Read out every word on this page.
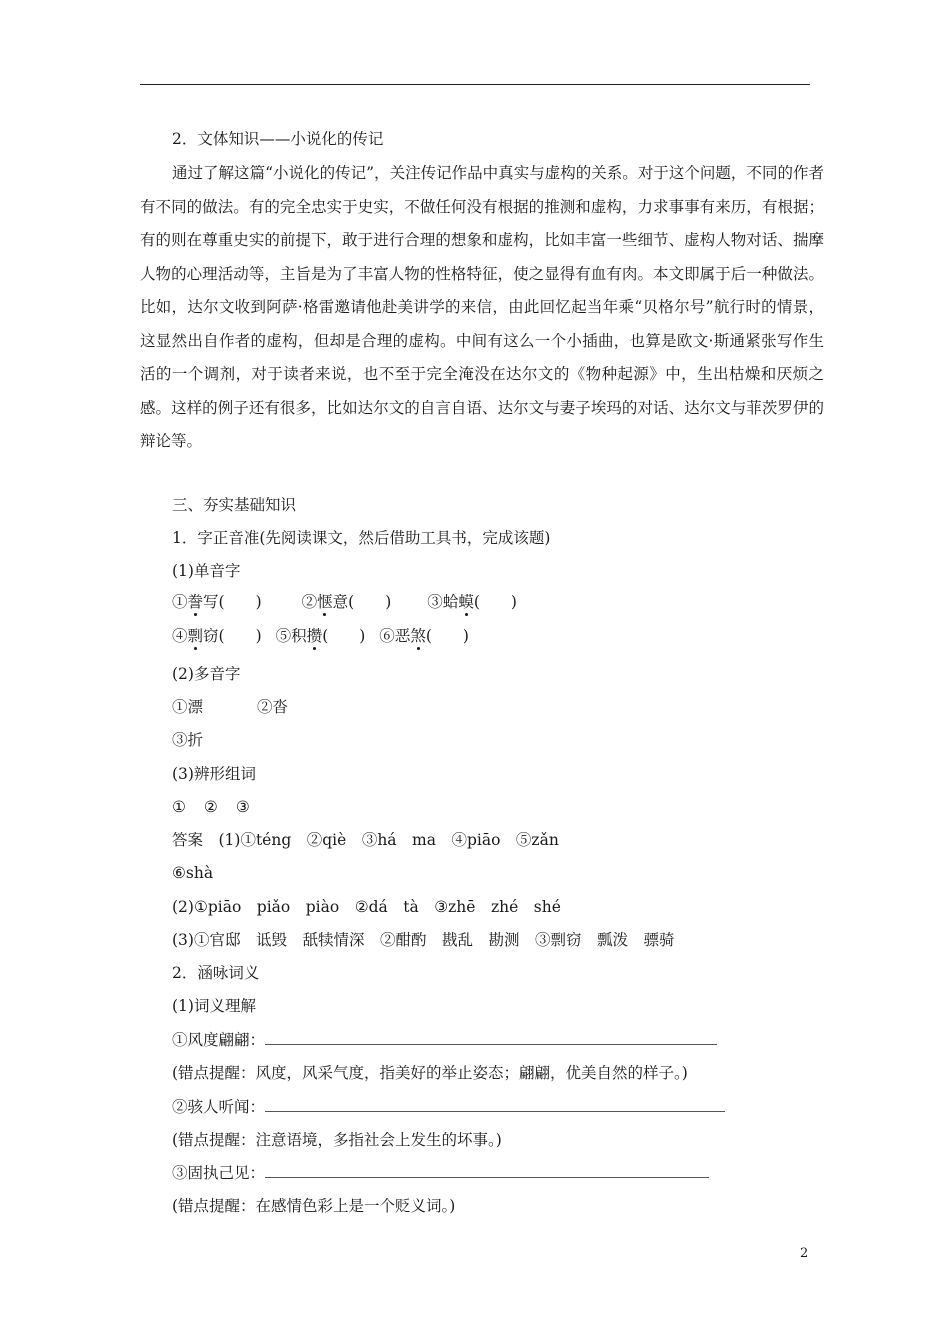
2．文体知识——小说化的传记
通过了解这篇“小说化的传记”，关注传记作品中真实与虚构的关系。对于这个问题，不同的作者有不同的做法。有的完全忠实于史实，不做任何没有根据的推测和虚构，力求事事有来历，有根据；有的则在尊重史实的前提下，敢于进行合理的想象和虚构，比如丰富一些细节、虚构人物对话、揣摩人物的心理活动等，主旨是为了丰富人物的性格特征，使之显得有血有肉。本文即属于后一种做法。比如，达尔文收到阿萨·格雷邀请他赴美讲学的来信，由此回忆起当年乘“贝格尔号”航行时的情景，这显然出自作者的虚构，但却是合理的虚构。中间有这么一个小插曲，也算是欧文·斯通紧张写作生活的一个调剂，对于读者来说，也不至于完全淹没在达尔文的《物种起源》中，生出枯燥和厌烦之感。这样的例子还有很多，比如达尔文的自言自语、达尔文与妻子埃玛的对话、达尔文与菲茨罗伊的辩论等。
三、夯实基础知识
1．字正音准(先阅读课文，然后借助工具书，完成该题)
(1)单音字
①誊写(　　)	②惬意(　　) ③蛤蟆(　　)
④剽窃(　　) ⑤积攒(　　) ⑥恶煞(　　)
(2)多音字
①漂	②沓
③折
(3)辨形组词
① ② ③
答案　(1)①téng　②qiè　③há　ma　④piāo　⑤zǎn
⑥shà
(2)①piāo　piǎo　piào　②dá　tà　③zhē　zhé　shé
(3)①官邸　诋毁　舐犊情深　②酣酌　戡乱　勘测　③剽窃　瓢泼　骠骑
2．涵咏词义
(1)词义理解
①风度翩翩：
(错点提醒：风度，风采气度，指美好的举止姿态；翩翩，优美自然的样子。)
②骇人听闻：
(错点提醒：注意语境，多指社会上发生的坏事。)
③固执己见：
(错点提醒：在感情色彩上是一个贬义词。)
2
